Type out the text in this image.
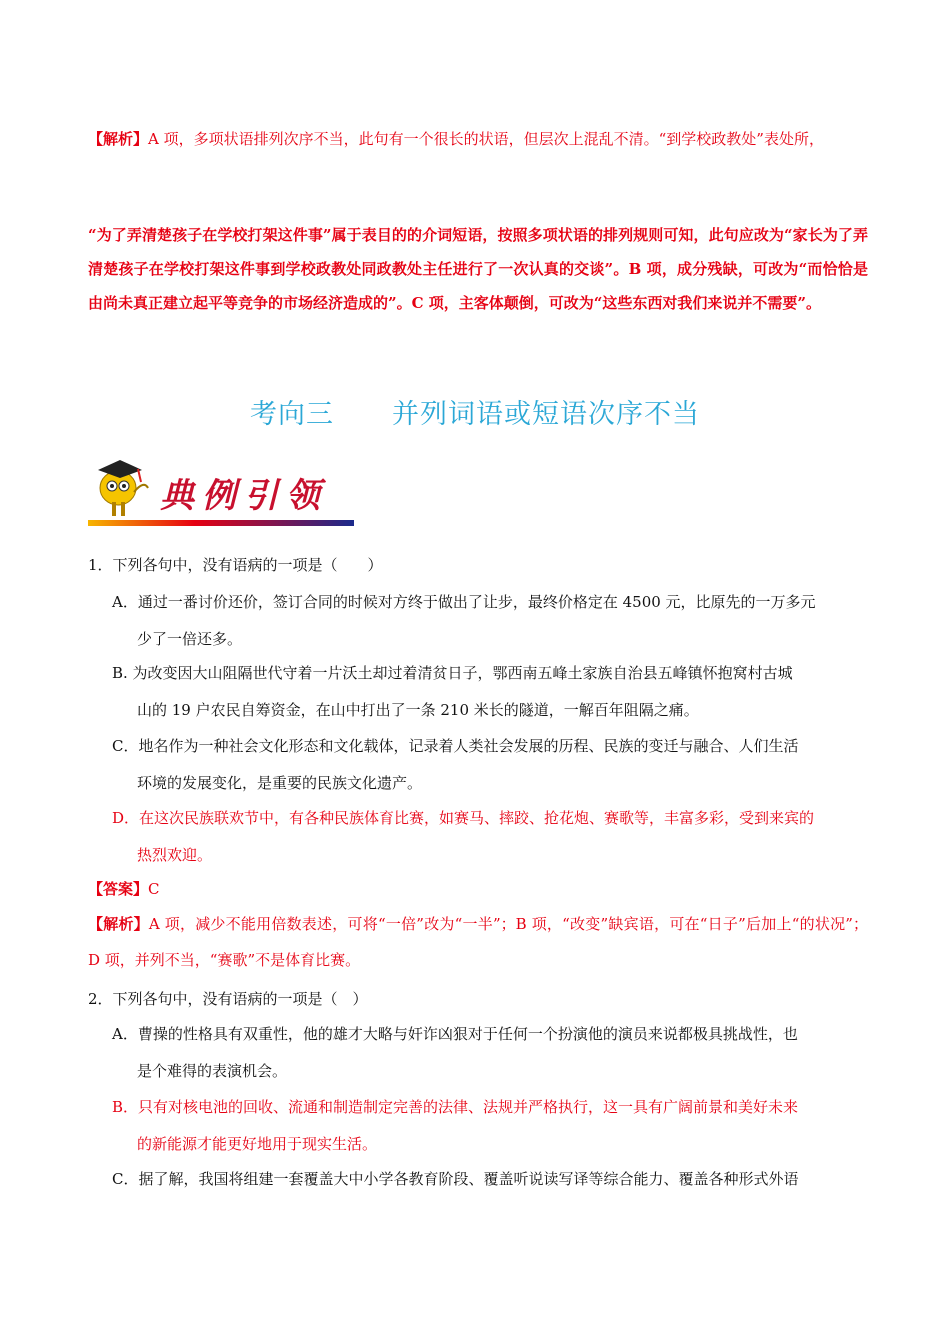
【解析】A 项，多项状语排列次序不当，此句有一个很长的状语，但层次上混乱不清。“到学校政教处”表处所，
“为了弄清楚孩子在学校打架这件事”属于表目的的介词短语，按照多项状语的排列规则可知，此句应改为“家长为了弄清楚孩子在学校打架这件事到学校政教处同政教处主任进行了一次认真的交谈”。B 项，成分残缺，可改为“而恰恰是由尚未真正建立起平等竞争的市场经济造成的”。C 项，主客体颠倒，可改为“这些东西对我们来说并不需要”。
考向三 并列词语或短语次序不当
典例引领
1．下列各句中，没有语病的一项是（　　）
A．通过一番讨价还价，签订合同的时候对方终于做出了让步，最终价格定在 4500 元，比原先的一万多元
少了一倍还多。
B. 为改变因大山阻隔世代守着一片沃土却过着清贫日子，鄂西南五峰土家族自治县五峰镇怀抱窝村古城
山的 19 户农民自筹资金，在山中打出了一条 210 米长的隧道，一解百年阻隔之痛。
C．地名作为一种社会文化形态和文化载体，记录着人类社会发展的历程、民族的变迁与融合、人们生活
环境的发展变化，是重要的民族文化遗产。
D．在这次民族联欢节中，有各种民族体育比赛，如赛马、摔跤、抢花炮、赛歌等，丰富多彩，受到来宾的
热烈欢迎。
【答案】C
【解析】A 项，减少不能用倍数表述，可将“一倍”改为“一半”；B 项，“改变”缺宾语，可在“日子”后加上“的状况”；D 项，并列不当，“赛歌”不是体育比赛。
2．下列各句中，没有语病的一项是（　）
A．曹操的性格具有双重性，他的雄才大略与奸诈凶狠对于任何一个扮演他的演员来说都极具挑战性，也
是个难得的表演机会。
B．只有对核电池的回收、流通和制造制定完善的法律、法规并严格执行，这一具有广阔前景和美好未来
的新能源才能更好地用于现实生活。
C．据了解，我国将组建一套覆盖大中小学各教育阶段、覆盖听说读写译等综合能力、覆盖各种形式外语
